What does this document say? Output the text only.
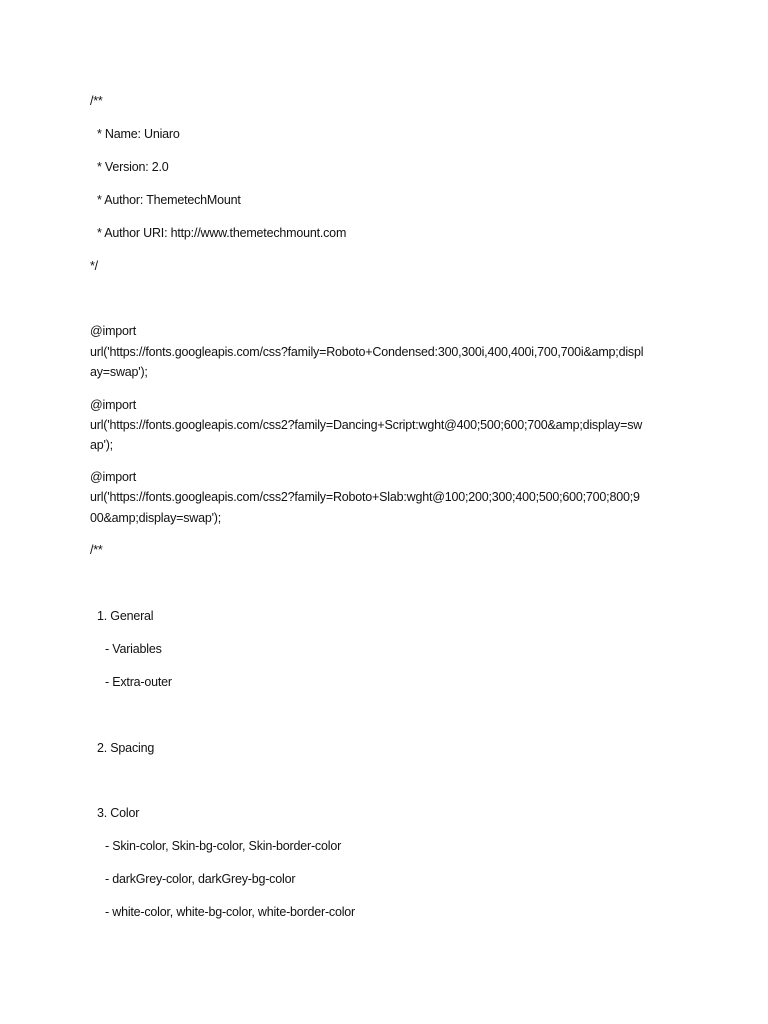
/**
* Name: Uniaro
* Version: 2.0
* Author: ThemetechMount
* Author URI: http://www.themetechmount.com
*/
@import
url('https://fonts.googleapis.com/css?family=Roboto+Condensed:300,300i,400,400i,700,700i&amp;displ
ay=swap');
@import
url('https://fonts.googleapis.com/css2?family=Dancing+Script:wght@400;500;600;700&amp;display=sw
ap');
@import
url('https://fonts.googleapis.com/css2?family=Roboto+Slab:wght@100;200;300;400;500;600;700;800;9
00&amp;display=swap');
/**
1. General
- Variables
- Extra-outer
2. Spacing
3. Color
- Skin-color, Skin-bg-color, Skin-border-color
- darkGrey-color, darkGrey-bg-color
- white-color, white-bg-color, white-border-color
